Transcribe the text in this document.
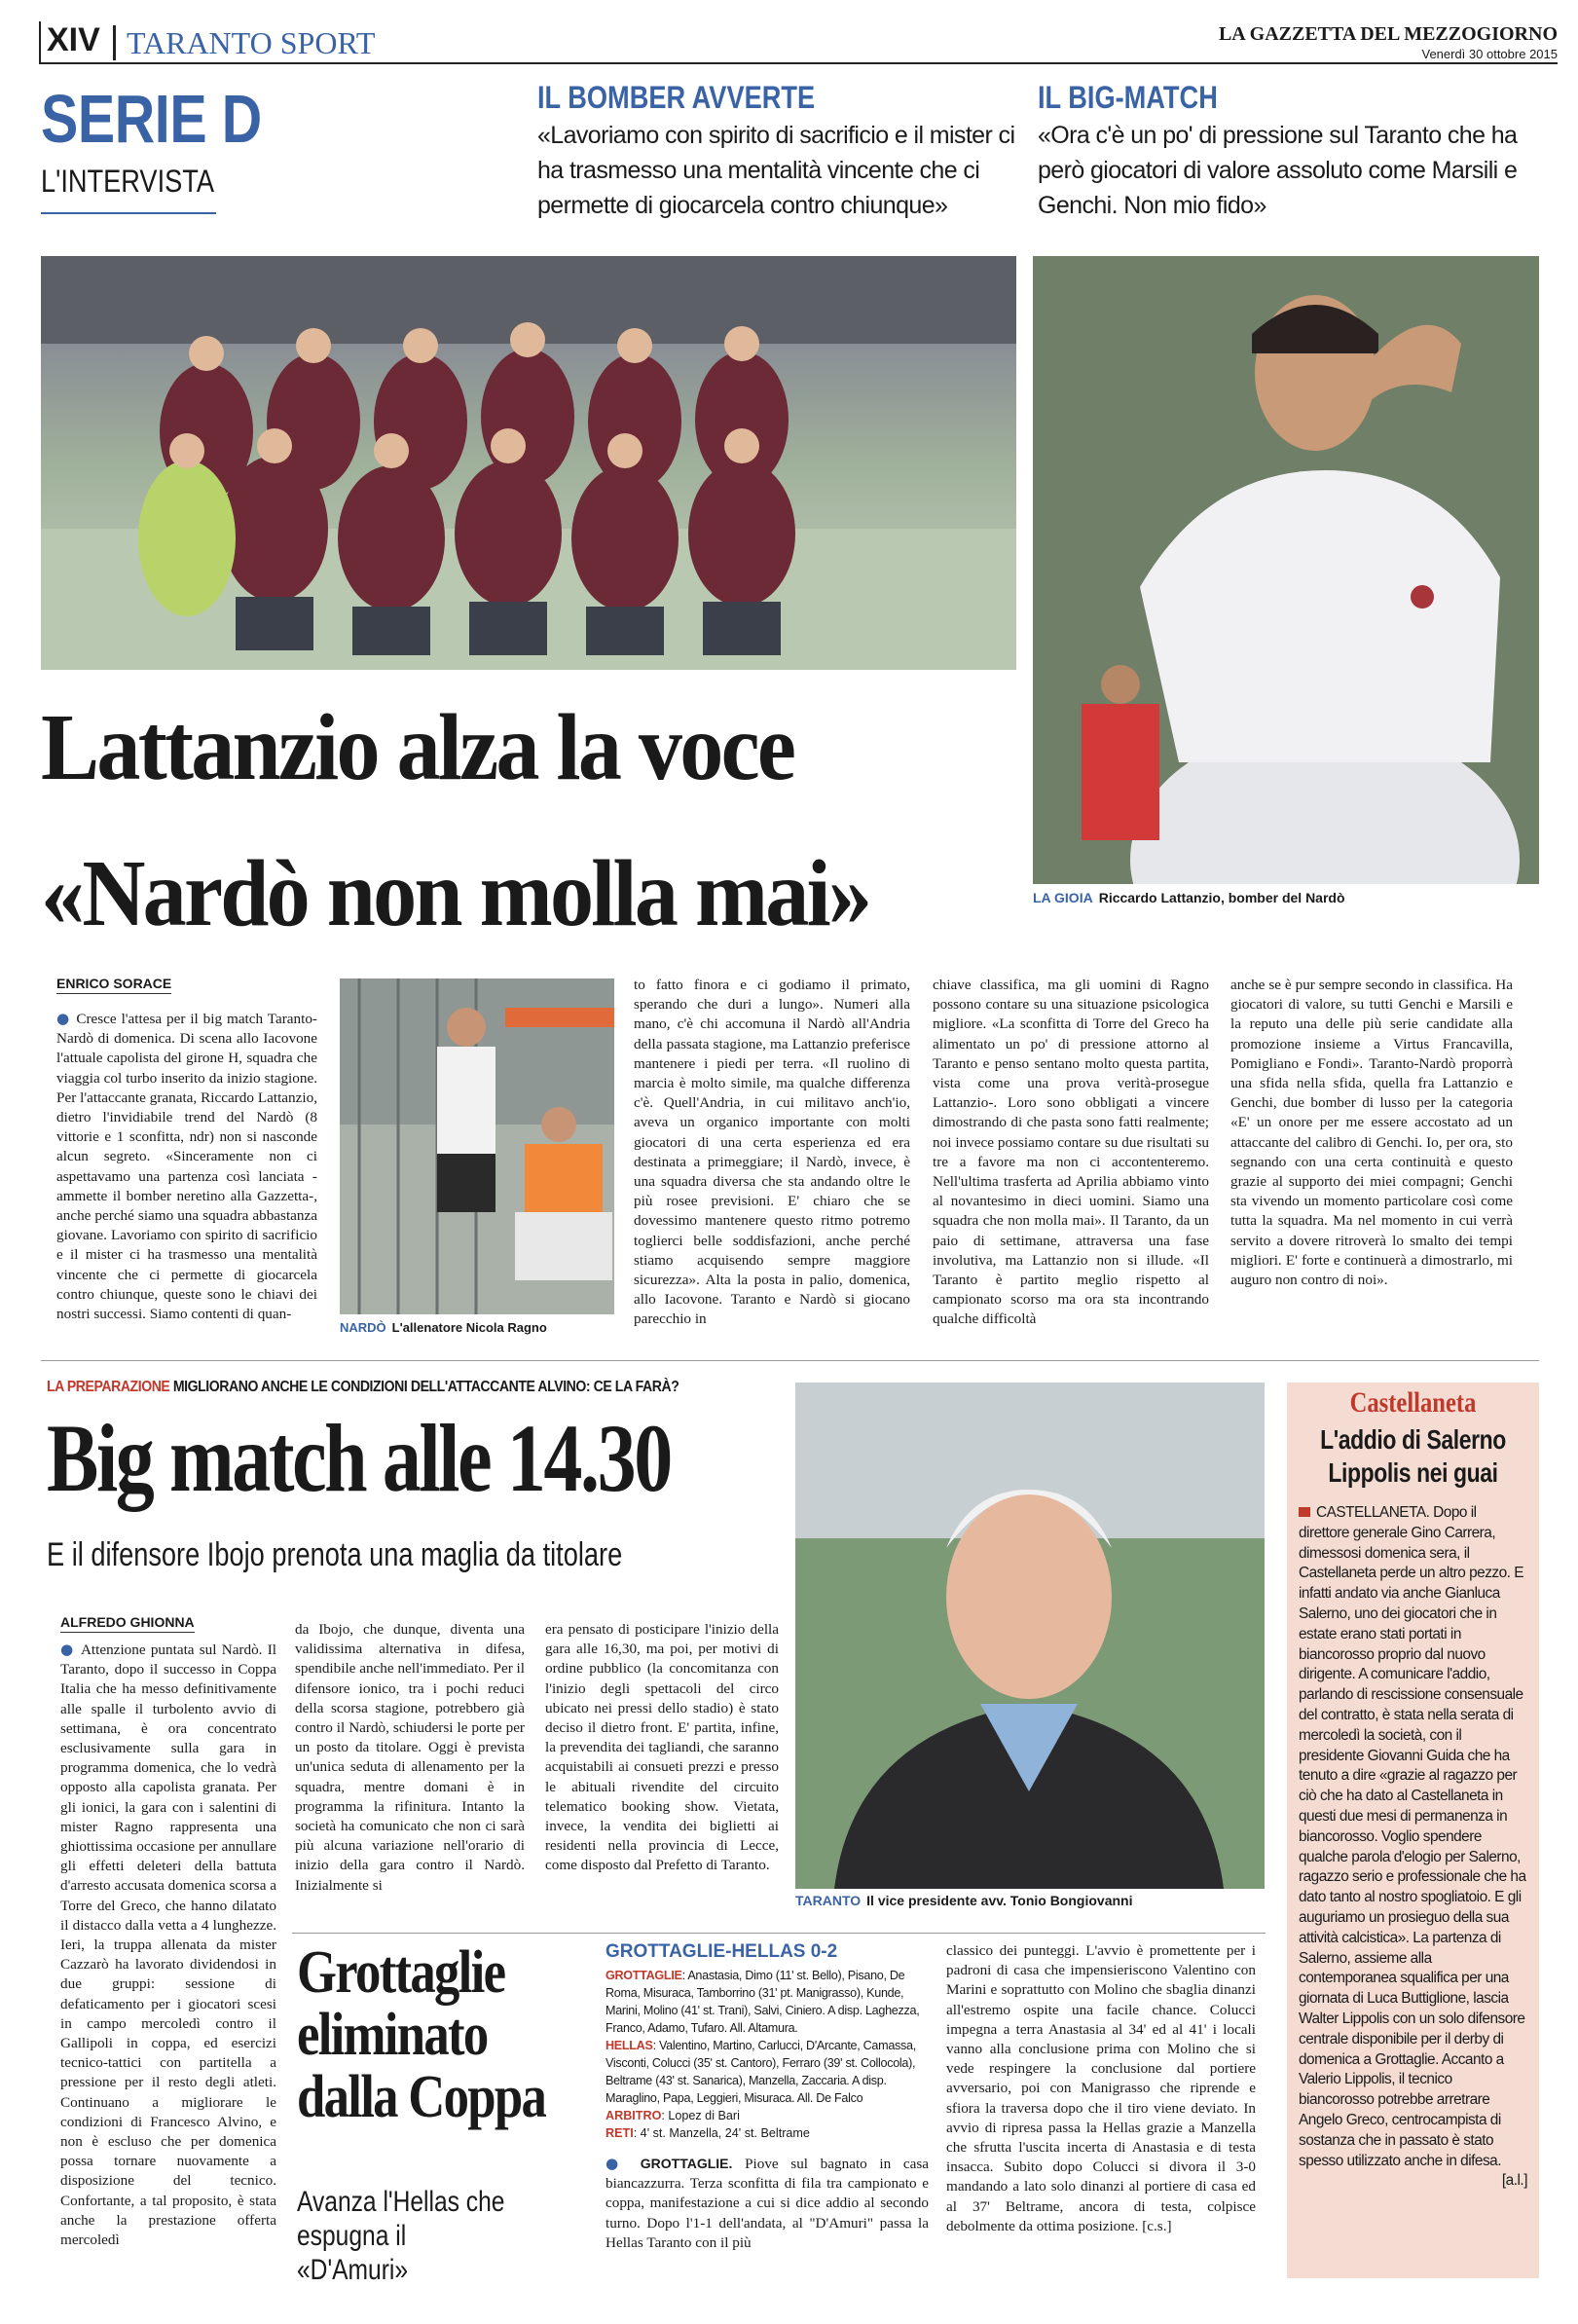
XIV TARANTO SPORT	LA GAZZETTA DEL MEZZOGIORNO
Venerdì 30 ottobre 2015
SERIE D
L'INTERVISTA
IL BOMBER AVVERTE
«Lavoriamo con spirito di sacrificio e il mister ci ha trasmesso una mentalità vincente che ci permette di giocarcela contro chiunque»
IL BIG-MATCH
«Ora c'è un po' di pressione sul Taranto che ha però giocatori di valore assoluto come Marsili e Genchi. Non mio fido»
Lattanzio alza la voce
«Nardò non molla mai»	LA GIOIA Riccardo Lattanzio, bomber del Nardò
ENRICO SORACE

● Cresce l'attesa per il big match Taranto-Nardò di domenica. Di scena allo Iacovone l'attuale capolista del girone H, squadra che viaggia col turbo inserito da inizio stagione. Per l'attaccante granata, Riccardo Lattanzio, dietro l'invidiabile trend del Nardò (8 vittorie e 1 sconfitta, ndr) non si nasconde alcun segreto. «Sinceramente non ci aspettavamo una partenza così lanciata -ammette il bomber neretino alla Gazzetta-, anche perché siamo una squadra abbastanza giovane. Lavoriamo con spirito di sacrificio e il mister ci ha trasmesso una mentalità vincente che ci permette di giocarcela contro chiunque, queste sono le chiavi dei nostri successi. Siamo contenti di quan-

NARDÒ L'allenatore Nicola Ragno
to fatto finora e ci godiamo il primato, sperando che duri a lungo». Numeri alla mano, c'è chi accomuna il Nardò all'Andria della passata stagione, ma Lattanzio preferisce mantenere i piedi per terra. «Il ruolino di marcia è molto simile, ma qualche differenza c'è. Quell'Andria, in cui militavo anch'io, aveva un organico importante con molti giocatori di una certa esperienza ed era destinata a primeggiare; il Nardò, invece, è una squadra diversa che sta andando oltre le più rosee previsioni. E' chiaro che se dovessimo mantenere questo ritmo potremo toglierci belle soddisfazioni, anche perché stiamo acquisendo sempre maggiore sicurezza». Alta la posta in palio, domenica, allo Iacovone. Taranto e Nardò si giocano parecchio in
chiave classifica, ma gli uomini di Ragno possono contare su una situazione psicologica migliore. «La sconfitta di Torre del Greco ha alimentato un po' di pressione attorno al Taranto e penso sentano molto questa partita, vista come una prova verità-prosegue Lattanzio-. Loro sono obbligati a vincere dimostrando di che pasta sono fatti realmente; noi invece possiamo contare su due risultati su tre a favore ma non ci accontenteremo. Nell'ultima trasferta ad Aprilia abbiamo vinto al novantesimo in dieci uomini. Siamo una squadra che non molla mai». Il Taranto, da un paio di settimane, attraversa una fase involutiva, ma Lattanzio non si illude. «Il Taranto è partito meglio rispetto al campionato scorso ma ora sta incontrando qualche difficoltà
anche se è pur sempre secondo in classifica. Ha giocatori di valore, su tutti Genchi e Marsili e la reputo una delle più serie candidate alla promozione insieme a Virtus Francavilla, Pomigliano e Fondi». Taranto-Nardò proporrà una sfida nella sfida, quella fra Lattanzio e Genchi, due bomber di lusso per la categoria «E' un onore per me essere accostato ad un attaccante del calibro di Genchi. Io, per ora, sto segnando con una certa continuità e questo grazie al supporto dei miei compagni; Genchi sta vivendo un momento particolare così come tutta la squadra. Ma nel momento in cui verrà servito a dovere ritroverà lo smalto dei tempi migliori. E' forte e continuerà a dimostrarlo, mi auguro non contro di noi».
LA PREPARAZIONE MIGLIORANO ANCHE LE CONDIZIONI DELL'ATTACCANTE ALVINO: CE LA FARÀ?
Big match alle 14.30
E il difensore Ibojo prenota una maglia da titolare
ALFREDO GHIONNA

● Attenzione puntata sul Nardò. Il Taranto, dopo il successo in Coppa Italia che ha messo definitivamente alle spalle il turbolento avvio di settimana, è ora concentrato esclusivamente sulla gara in programma domenica, che lo vedrà opposto alla capolista granata. Per gli ionici, la gara con i salentini di mister Ragno rappresenta una ghiottissima occasione per annullare gli effetti deleteri della battuta d'arresto accusata domenica scorsa a Torre del Greco, che hanno dilatato il distacco dalla vetta a 4 lunghezze. Ieri, la truppa allenata da mister Cazzarò ha lavorato dividendosi in due gruppi: sessione di defaticamento per i giocatori scesi in campo mercoledì contro il Gallipoli in coppa, ed esercizi tecnico-tattici con partitella a pressione per il resto degli atleti. Continuano a migliorare le condizioni di Francesco Alvino, e non è escluso che per domenica possa tornare nuovamente a disposizione del tecnico. Confortante, a tal proposito, è stata anche la prestazione offerta mercoledì

da Ibojo, che dunque, diventa una validissima alternativa in difesa, spendibile anche nell'immediato. Per il difensore ionico, tra i pochi reduci della scorsa stagione, potrebbero già contro il Nardò, schiudersi le porte per un posto da titolare. Oggi è prevista un'unica seduta di allenamento per la squadra, mentre domani è in programma la rifinitura. Intanto la società ha comunicato che non ci sarà più alcuna variazione nell'orario di inizio della gara contro il Nardò. Inizialmente si
era pensato di posticipare l'inizio della gara alle 16,30, ma poi, per motivi di ordine pubblico (la concomitanza con l'inizio degli spettacoli del circo ubicato nei pressi dello stadio) è stato deciso il dietro front. E' partita, infine, la prevendita dei tagliandi, che saranno acquistabili ai consueti prezzi e presso le abituali rivendite del circuito telematico booking show. Vietata, invece, la vendita dei biglietti ai residenti nella provincia di Lecce, come disposto dal Prefetto di Taranto.
TARANTO Il vice presidente avv. Tonio Bongiovanni
Grottaglie eliminato dalla Coppa
Avanza l'Hellas che espugna il «D'Amuri»
GROTTAGLIE-HELLAS 0-2
GROTTAGLIE: Anastasia, Dimo (11' st. Bello), Pisano, De Roma, Misuraca, Tamborrino (31' pt. Manigrasso), Kunde, Marini, Molino (41' st. Trani), Salvi, Ciniero. A disp. Laghezza, Franco, Adamo, Tufaro. All. Altamura.
HELLAS: Valentino, Martino, Carlucci, D'Arcante, Camassa, Visconti, Colucci (35' st. Cantoro), Ferraro (39' st. Collocola), Beltrame (43' st. Sanarica), Manzella, Zaccaria. A disp. Maraglino, Papa, Leggieri, Misuraca. All. De Falco
ARBITRO: Lopez di Bari
RETI: 4' st. Manzella, 24' st. Beltrame
● GROTTAGLIE. Piove sul bagnato in casa biancazzurra. Terza sconfitta di fila tra campionato e coppa, manifestazione a cui si dice addio al secondo turno. Dopo l'1-1 dell'andata, al "D'Amuri" passa la Hellas Taranto con il più
classico dei punteggi. L'avvio è promettente per i padroni di casa che impensieriscono Valentino con Marini e soprattutto con Molino che sbaglia dinanzi all'estremo ospite una facile chance. Colucci impegna a terra Anastasia al 34' ed al 41' i locali vanno alla conclusione prima con Molino che si vede respingere la conclusione dal portiere avversario, poi con Manigrasso che riprende e sfiora la traversa dopo che il tiro viene deviato. In avvio di ripresa passa la Hellas grazie a Manzella che sfrutta l'uscita incerta di Anastasia e di testa insacca. Subito dopo Colucci si divora il 3-0 mandando a lato solo dinanzi al portiere di casa ed al 37' Beltrame, ancora di testa, colpisce debolmente da ottima posizione. [c.s.]
Castellaneta
L'addio di Salerno Lippolis nei guai
CASTELLANETA. Dopo il direttore generale Gino Carrera, dimessosi domenica sera, il Castellaneta perde un altro pezzo. E infatti andato via anche Gianluca Salerno, uno dei giocatori che in estate erano stati portati in biancorosso proprio dal nuovo dirigente. A comunicare l'addio, parlando di rescissione consensuale del contratto, è stata nella serata di mercoledì la società, con il presidente Giovanni Guida che ha tenuto a dire «grazie al ragazzo per ciò che ha dato al Castellaneta in questi due mesi di permanenza in biancorosso. Voglio spendere qualche parola d'elogio per Salerno, ragazzo serio e professionale che ha dato tanto al nostro spogliatoio. E gli auguriamo un prosieguo della sua attività calcistica». La partenza di Salerno, assieme alla contemporanea squalifica per una giornata di Luca Buttiglione, lascia Walter Lippolis con un solo difensore centrale disponibile per il derby di domenica a Grottaglie. Accanto a Valerio Lippolis, il tecnico biancorosso potrebbe arretrare Angelo Greco, centrocampista di sostanza che in passato è stato spesso utilizzato anche in difesa.
[a.l.]
